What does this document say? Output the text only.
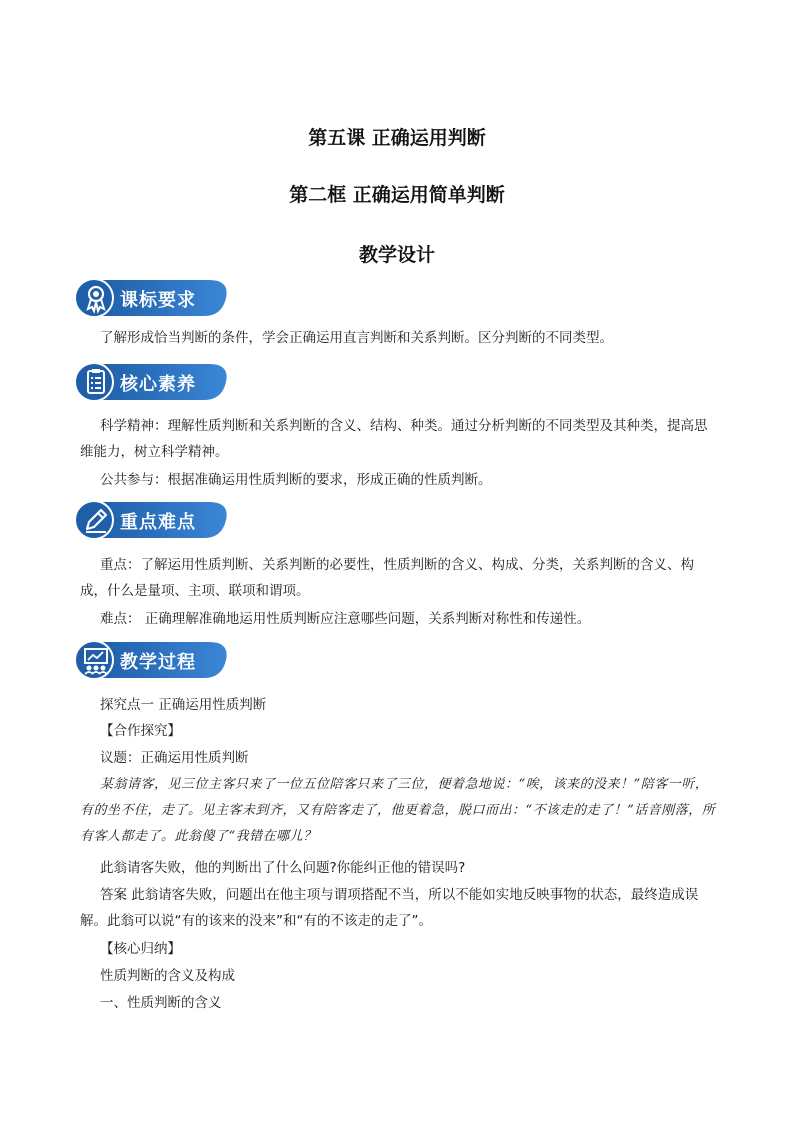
第五课 正确运用判断
第二框 正确运用简单判断
教学设计
课标要求

了解形成恰当判断的条件，学会正确运用直言判断和关系判断。区分判断的不同类型。

核心素养

科学精神：理解性质判断和关系判断的含义、结构、种类。通过分析判断的不同类型及其种类，提高思维能力，树立科学精神。

公共参与：根据准确运用性质判断的要求，形成正确的性质判断。

重点难点

重点：了解运用性质判断、关系判断的必要性，性质判断的含义、构成、分类，关系判断的含义、构成，什么是量项、主项、联项和谓项。

难点： 正确理解准确地运用性质判断应注意哪些问题，关系判断对称性和传递性。

教学过程

探究点一 正确运用性质判断

【合作探究】

议题：正确运用性质判断

某翁请客，见三位主客只来了一位五位陪客只来了三位，便着急地说：“唉，该来的没来！”陪客一听，有的坐不住，走了。见主客未到齐，又有陪客走了，他更着急，脱口而出：“不该走的走了！”话音刚落，所有客人都走了。此翁傻了“我错在哪儿？

此翁请客失败，他的判断出了什么问题?你能纠正他的错误吗?

答案 此翁请客失败，问题出在他主项与谓项搭配不当，所以不能如实地反映事物的状态，最终造成误解。此翁可以说“有的该来的没来”和“有的不该走的走了”。

【核心归纳】

性质判断的含义及构成

一、性质判断的含义
